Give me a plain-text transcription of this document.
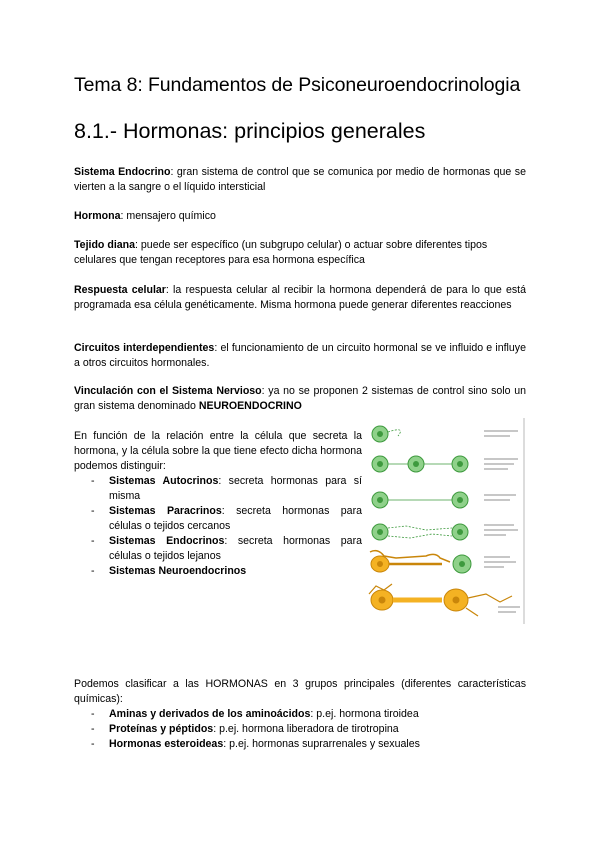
Tema 8: Fundamentos de Psiconeuroendocrinologia
8.1.- Hormonas: principios generales
Sistema Endocrino: gran sistema de control que se comunica por medio de hormonas que se vierten a la sangre o el líquido intersticial
Hormona: mensajero químico
Tejido diana: puede ser específico (un subgrupo celular) o actuar sobre diferentes tipos celulares que tengan receptores para esa hormona específica
Respuesta celular: la respuesta celular al recibir la hormona dependerá de para lo que está programada esa célula genéticamente. Misma hormona puede generar diferentes reacciones
Circuitos interdependientes: el funcionamiento de un circuito hormonal se ve influido e influye a otros circuitos hormonales.
Vinculación con el Sistema Nervioso: ya no se proponen 2 sistemas de control sino solo un gran sistema denominado NEUROENDOCRINO
En función de la relación entre la célula que secreta la hormona, y la célula sobre la que tiene efecto dicha hormona podemos distinguir:
- Sistemas Autocrinos: secreta hormonas para sí misma
- Sistemas Paracrinos: secreta hormonas para células o tejidos cercanos
- Sistemas Endocrinos: secreta hormonas para células o tejidos lejanos
- Sistemas Neuroendocrinos
Podemos clasificar a las HORMONAS en 3 grupos principales (diferentes características químicas):
- Aminas y derivados de los aminoácidos: p.ej. hormona tiroidea
- Proteínas y péptidos: p.ej. hormona liberadora de tirotropina
- Hormonas esteroideas: p.ej. hormonas suprarrenales y sexuales
